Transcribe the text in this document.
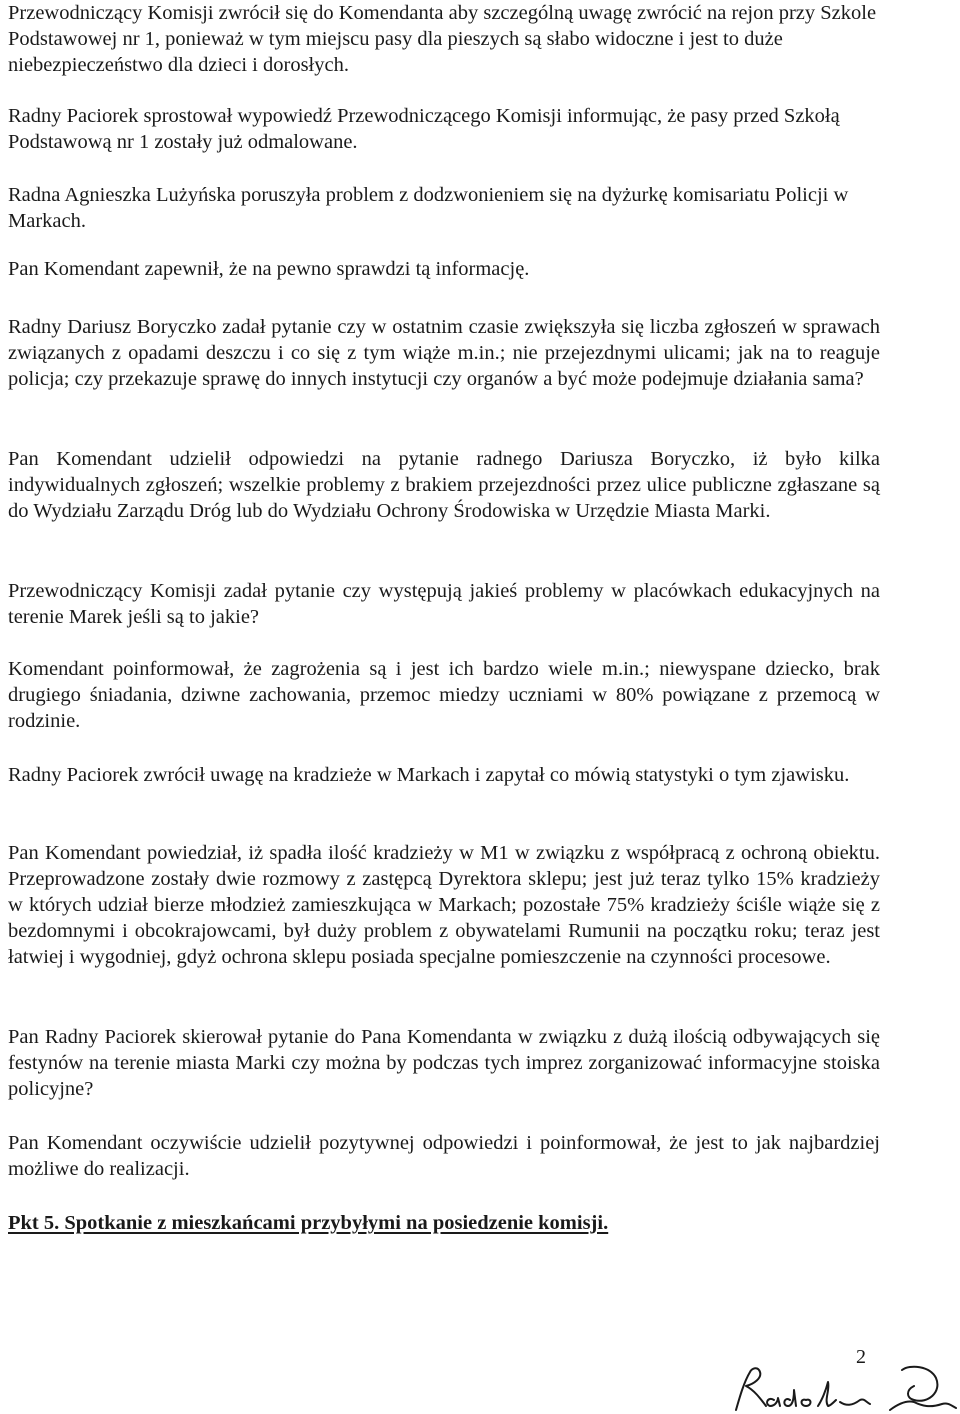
Przewodniczący Komisji zwrócił się do Komendanta aby szczególną uwagę zwrócić na rejon przy Szkole Podstawowej nr 1, ponieważ w tym miejscu pasy dla pieszych są słabo widoczne i jest to duże niebezpieczeństwo dla dzieci i dorosłych.

Radny Paciorek sprostował wypowiedź Przewodniczącego Komisji informując, że pasy przed Szkołą Podstawową nr 1 zostały już odmalowane.

Radna Agnieszka Lużyńska poruszyła problem z dodzwonieniem się na dyżurkę komisariatu Policji w Markach.

Pan Komendant zapewnił, że na pewno sprawdzi tą informację.

Radny Dariusz Boryczko zadał pytanie czy w ostatnim czasie zwiększyła się liczba zgłoszeń w sprawach związanych z opadami deszczu i co się z tym wiąże m.in.; nie przejezdnymi ulicami; jak na to reaguje policja; czy przekazuje sprawę do innych instytucji czy organów a być może podejmuje działania sama?

Pan Komendant udzielił odpowiedzi na pytanie radnego Dariusza Boryczko, iż było kilka indywidualnych zgłoszeń; wszelkie problemy z brakiem przejezdności przez ulice publiczne zgłaszane są do Wydziału Zarządu Dróg lub do Wydziału Ochrony Środowiska w Urzędzie Miasta Marki.

Przewodniczący Komisji zadał pytanie czy występują jakieś problemy w placówkach edukacyjnych na terenie Marek jeśli są to jakie?

Komendant poinformował, że zagrożenia są i jest ich bardzo wiele m.in.; niewyspane dziecko, brak drugiego śniadania, dziwne zachowania, przemoc miedzy uczniami w 80% powiązane z przemocą w rodzinie.

Radny Paciorek zwrócił uwagę na kradzieże w Markach i zapytał co mówią statystyki o tym zjawisku.

Pan Komendant powiedział, iż spadła ilość kradzieży w M1 w związku z współpracą z ochroną obiektu. Przeprowadzone zostały dwie rozmowy z zastępcą Dyrektora sklepu; jest już teraz tylko 15% kradzieży w których udział bierze młodzież zamieszkująca w Markach; pozostałe 75% kradzieży ściśle wiąże się z bezdomnymi i obcokrajowcami, był duży problem z obywatelami Rumunii na początku roku; teraz jest łatwiej i wygodniej, gdyż ochrona sklepu posiada specjalne pomieszczenie na czynności procesowe.

Pan Radny Paciorek skierował pytanie do Pana Komendanta w związku z dużą ilością odbywających się festynów na terenie miasta Marki czy można by podczas tych imprez zorganizować informacyjne stoiska policyjne?

Pan Komendant oczywiście udzielił pozytywnej odpowiedzi i poinformował, że jest to jak najbardziej możliwe do realizacji.

Pkt 5. Spotkanie z mieszkańcami przybyłymi na posiedzenie komisji.

2
